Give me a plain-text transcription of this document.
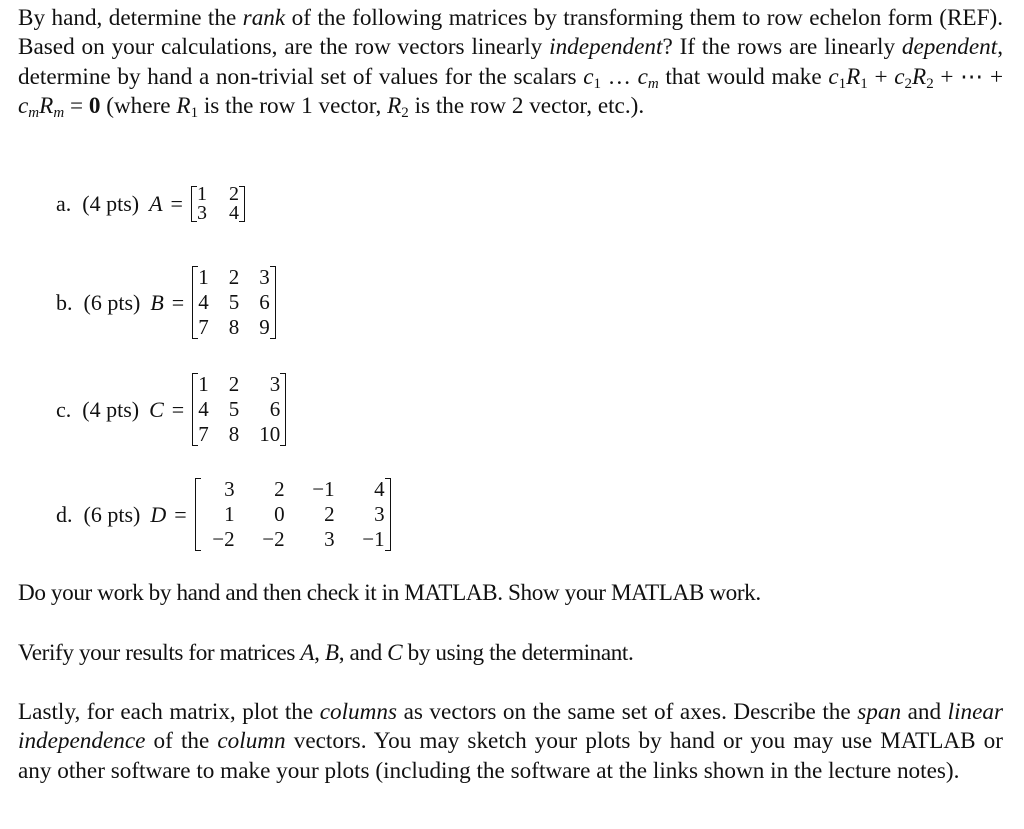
By hand, determine the rank of the following matrices by transforming them to row echelon form (REF). Based on your calculations, are the row vectors linearly independent? If the rows are linearly dependent, determine by hand a non-trivial set of values for the scalars $c_1$ … $c_m$ that would make $c_1R_1 + c_2R_2$ + ⋯ + $c_mR_m = 0$ (where $R_1$ is the row 1 vector, $R_2$ is the row 2 vector, etc.).
a.  (4 pts) A = 1 2
3 4
b.  (6 pts) B =
1 2 3
4 5 6
7 8 9
c.  (4 pts) C =
1 2	3
4 5	6
7 8 10
d.  (6 pts) D =
3	2	−1	4
1	0	2	3
−2	−2	3	−1
Do your work by hand and then check it in MATLAB. Show your MATLAB work.
Verify your results for matrices A, B, and C by using the determinant.
Lastly, for each matrix, plot the columns as vectors on the same set of axes. Describe the span and linear independence of the column vectors. You may sketch your plots by hand or you may use MATLAB or any other software to make your plots (including the software at the links shown in the lecture notes).
